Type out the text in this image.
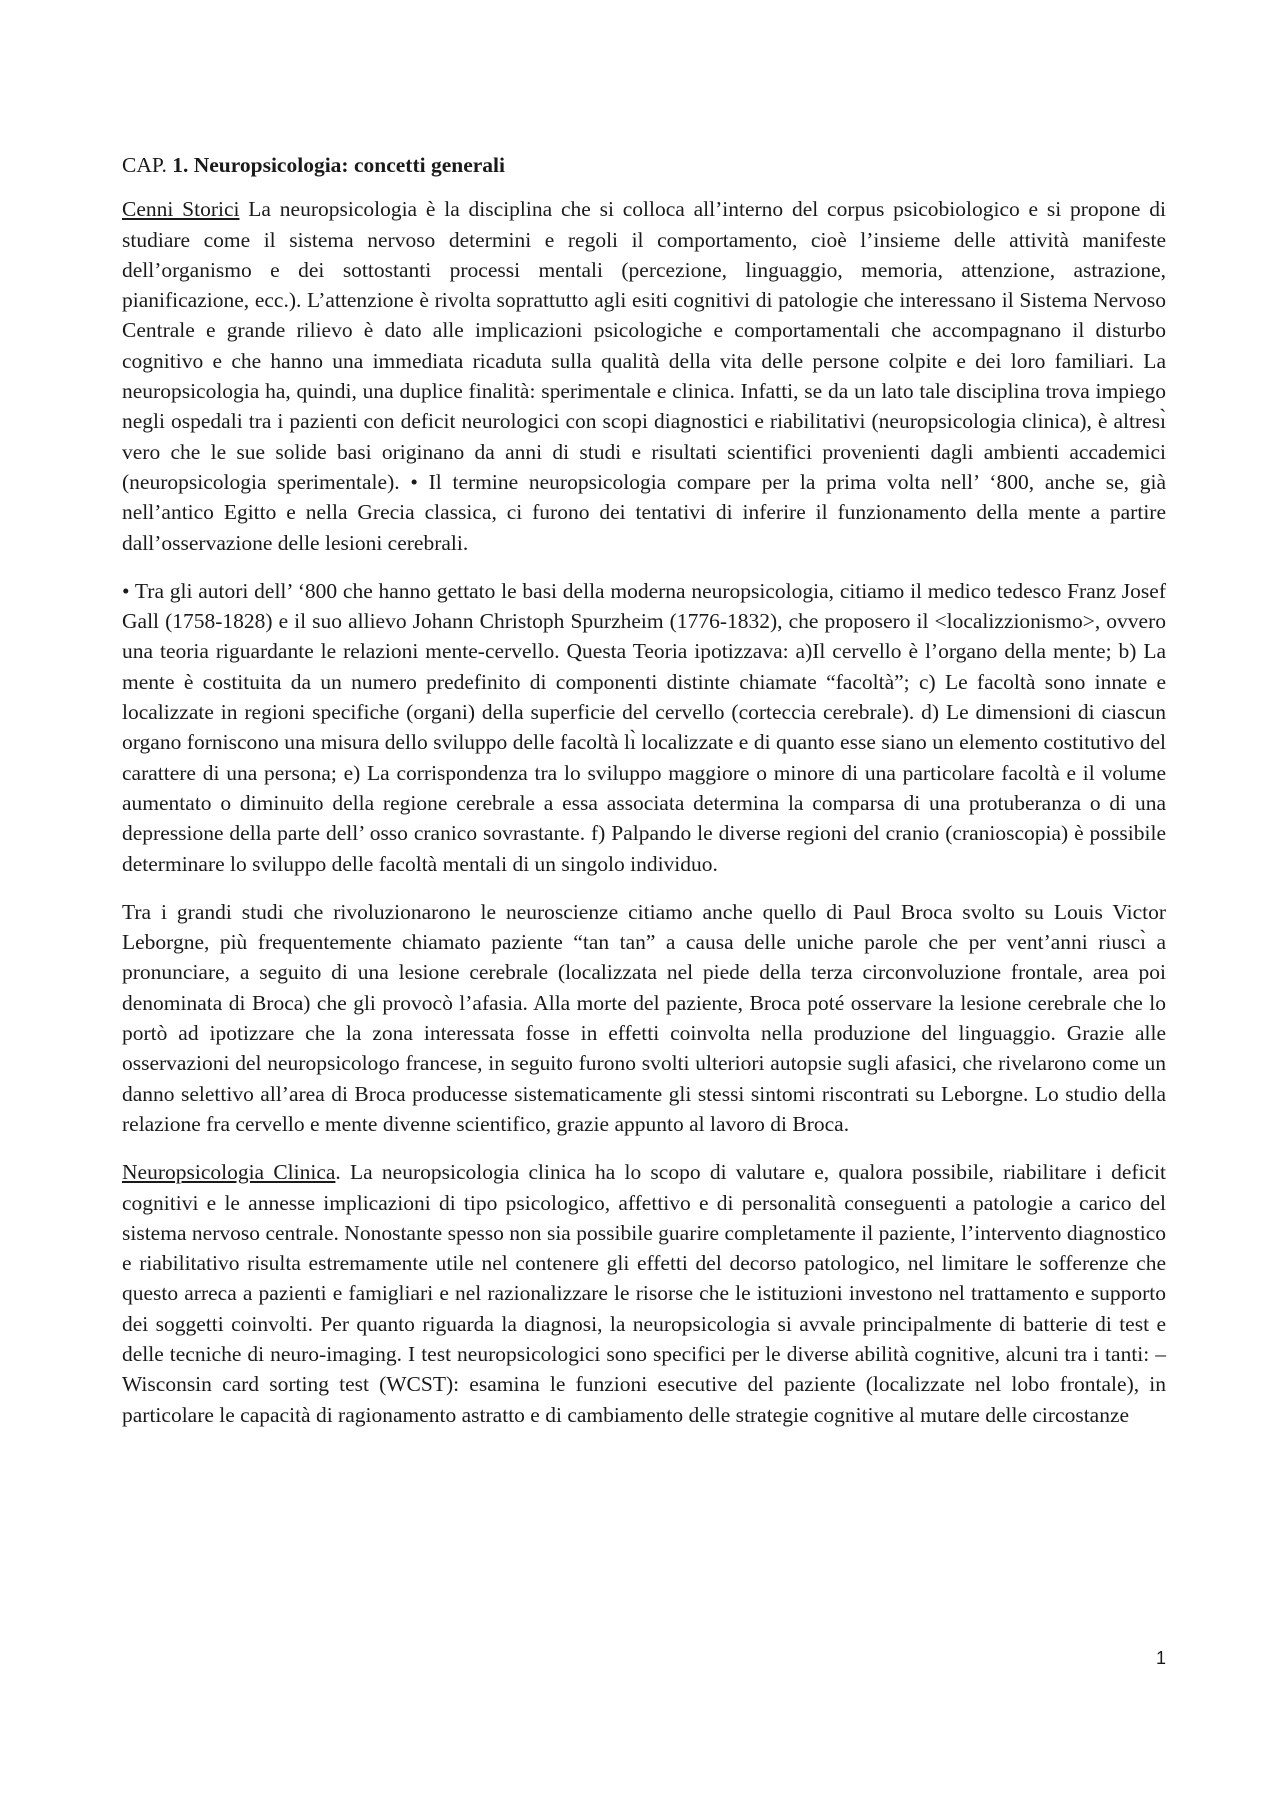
CAP. 1. Neuropsicologia: concetti generali

Cenni Storici La neuropsicologia è la disciplina che si colloca all’interno del corpus psicobiologico e si propone di studiare come il sistema nervoso determini e regoli il comportamento, cioè l’insieme delle attività manifeste dell’organismo e dei sottostanti processi mentali (percezione, linguaggio, memoria, attenzione, astrazione, pianificazione, ecc.). L’attenzione è rivolta soprattutto agli esiti cognitivi di patologie che interessano il Sistema Nervoso Centrale e grande rilievo è dato alle implicazioni psicologiche e comportamentali che accompagnano il disturbo cognitivo e che hanno una immediata ricaduta sulla qualità della vita delle persone colpite e dei loro familiari. La neuropsicologia ha, quindi, una duplice finalità: sperimentale e clinica. Infatti, se da un lato tale disciplina trova impiego negli ospedali tra i pazienti con deficit neurologici con scopi diagnostici e riabilitativi (neuropsicologia clinica), è altresı̀ vero che le sue solide basi originano da anni di studi e risultati scientifici provenienti dagli ambienti accademici (neuropsicologia sperimentale). • Il termine neuropsicologia compare per la prima volta nell’ ‘800, anche se, già nell’antico Egitto e nella Grecia classica, ci furono dei tentativi di inferire il funzionamento della mente a partire dall’osservazione delle lesioni cerebrali.

• Tra gli autori dell’ ‘800 che hanno gettato le basi della moderna neuropsicologia, citiamo il medico tedesco Franz Josef Gall (1758-1828) e il suo allievo Johann Christoph Spurzheim (1776-1832), che proposero il <localizzionismo>, ovvero una teoria riguardante le relazioni mente-cervello. Questa Teoria ipotizzava: a)Il cervello è l’organo della mente; b) La mente è costituita da un numero predefinito di componenti distinte chiamate “facoltà”; c) Le facoltà sono innate e localizzate in regioni specifiche (organi) della superficie del cervello (corteccia cerebrale). d) Le dimensioni di ciascun organo forniscono una misura dello sviluppo delle facoltà lı̀ localizzate e di quanto esse siano un elemento costitutivo del carattere di una persona; e) La corrispondenza tra lo sviluppo maggiore o minore di una particolare facoltà e il volume aumentato o diminuito della regione cerebrale a essa associata determina la comparsa di una protuberanza o di una depressione della parte dell’ osso cranico sovrastante. f) Palpando le diverse regioni del cranio (cranioscopia) è possibile determinare lo sviluppo delle facoltà mentali di un singolo individuo.

Tra i grandi studi che rivoluzionarono le neuroscienze citiamo anche quello di Paul Broca svolto su Louis Victor Leborgne, più frequentemente chiamato paziente “tan tan” a causa delle uniche parole che per vent’anni riuscı̀ a pronunciare, a seguito di una lesione cerebrale (localizzata nel piede della terza circonvoluzione frontale, area poi denominata di Broca) che gli provocò l’afasia. Alla morte del paziente, Broca poté osservare la lesione cerebrale che lo portò ad ipotizzare che la zona interessata fosse in effetti coinvolta nella produzione del linguaggio. Grazie alle osservazioni del neuropsicologo francese, in seguito furono svolti ulteriori autopsie sugli afasici, che rivelarono come un danno selettivo all’area di Broca producesse sistematicamente gli stessi sintomi riscontrati su Leborgne. Lo studio della relazione fra cervello e mente divenne scientifico, grazie appunto al lavoro di Broca.

Neuropsicologia Clinica. La neuropsicologia clinica ha lo scopo di valutare e, qualora possibile, riabilitare i deficit cognitivi e le annesse implicazioni di tipo psicologico, affettivo e di personalità conseguenti a patologie a carico del sistema nervoso centrale. Nonostante spesso non sia possibile guarire completamente il paziente, l’intervento diagnostico e riabilitativo risulta estremamente utile nel contenere gli effetti del decorso patologico, nel limitare le sofferenze che questo arreca a pazienti e famigliari e nel razionalizzare le risorse che le istituzioni investono nel trattamento e supporto dei soggetti coinvolti. Per quanto riguarda la diagnosi, la neuropsicologia si avvale principalmente di batterie di test e delle tecniche di neuro-imaging. I test neuropsicologici sono specifici per le diverse abilità cognitive, alcuni tra i tanti: – Wisconsin card sorting test (WCST): esamina le funzioni esecutive del paziente (localizzate nel lobo frontale), in particolare le capacità di ragionamento astratto e di cambiamento delle strategie cognitive al mutare delle circostanze

1
